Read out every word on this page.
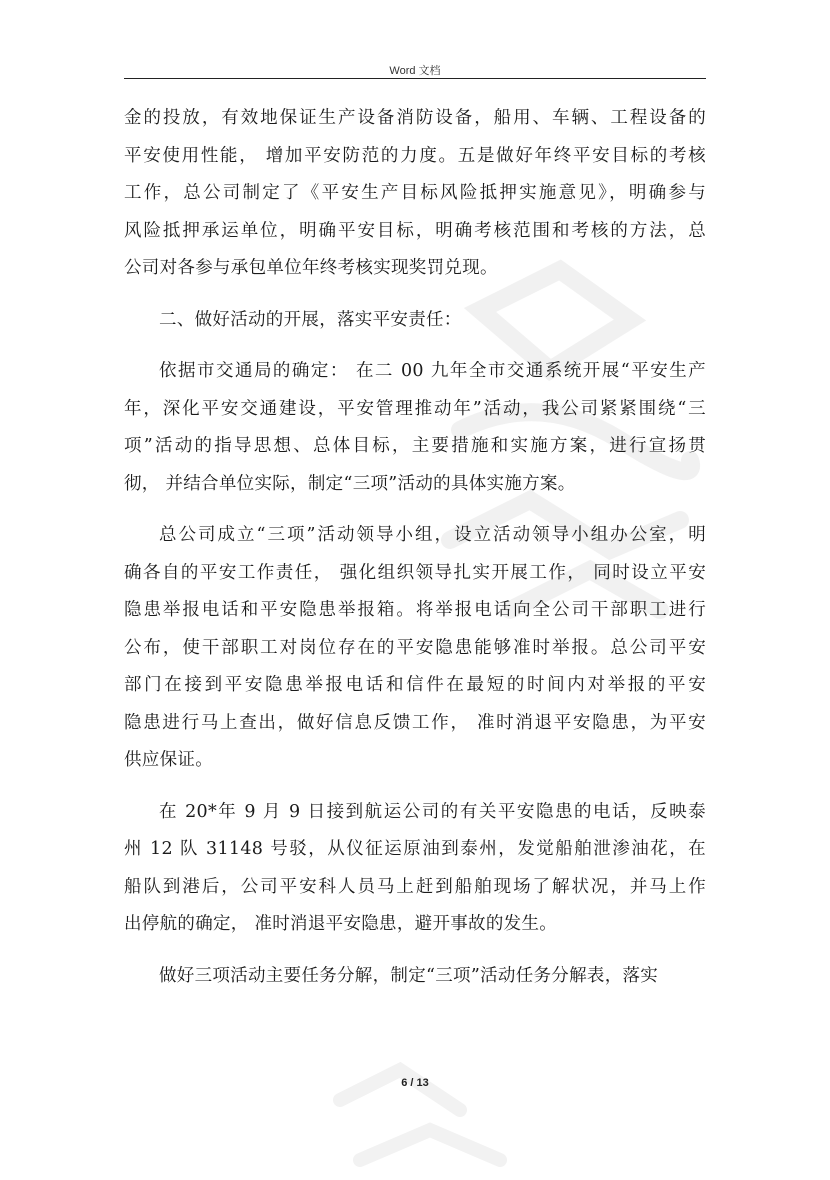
Word 文档

金的投放，有效地保证生产设备消防设备，船用、车辆、工程设备的
平安使用性能， 增加平安防范的力度。五是做好年终平安目标的考核
工作，总公司制定了《平安生产目标风险抵押实施意见》，明确参与
风险抵押承运单位，明确平安目标，明确考核范围和考核的方法，总
公司对各参与承包单位年终考核实现奖罚兑现。

二、做好活动的开展，落实平安责任：

依据市交通局的确定： 在二 00 九年全市交通系统开展“平安生产
年，深化平安交通建设，平安管理推动年”活动，我公司紧紧围绕“三
项”活动的指导思想、总体目标，主要措施和实施方案，进行宣扬贯
彻， 并结合单位实际，制定“三项”活动的具体实施方案。

总公司成立“三项”活动领导小组，设立活动领导小组办公室，明
确各自的平安工作责任， 强化组织领导扎实开展工作， 同时设立平安
隐患举报电话和平安隐患举报箱。将举报电话向全公司干部职工进行
公布，使干部职工对岗位存在的平安隐患能够准时举报。总公司平安
部门在接到平安隐患举报电话和信件在最短的时间内对举报的平安
隐患进行马上查出，做好信息反馈工作， 准时消退平安隐患，为平安
供应保证。

在 20*年 9 月 9 日接到航运公司的有关平安隐患的电话，反映泰
州 12 队 31148 号驳，从仪征运原油到泰州，发觉船舶泄渗油花，在
船队到港后，公司平安科人员马上赶到船舶现场了解状况，并马上作
出停航的确定， 准时消退平安隐患，避开事故的发生。

做好三项活动主要任务分解，制定“三项”活动任务分解表，落实

6 / 13
